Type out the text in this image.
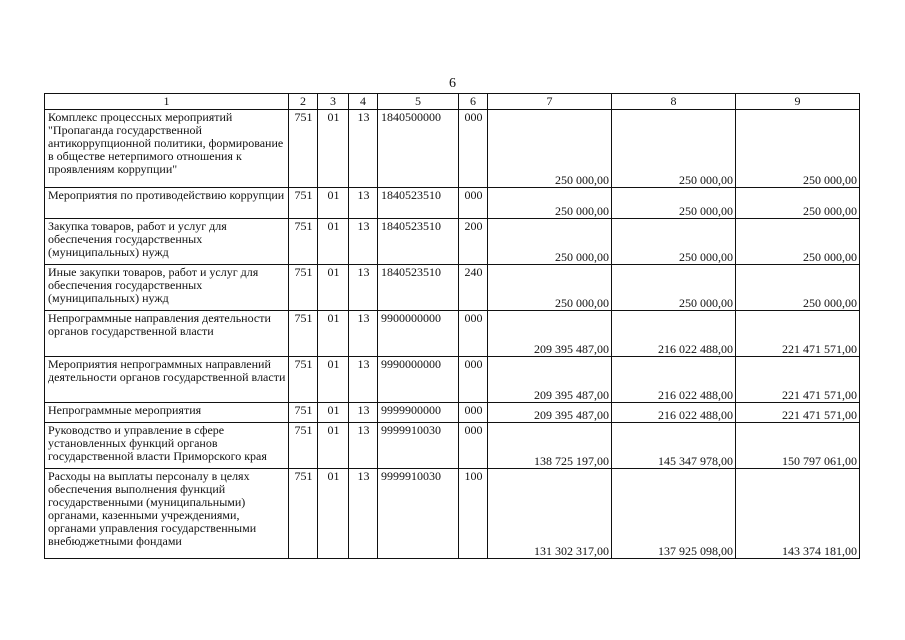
6
1	2	3	4	5	6	7	8	9
Комплекс процессных мероприятий "Пропаганда государственной антикоррупционной политики, формирование в обществе нетерпимого отношения к проявлениям коррупции"	751	01	13	1840500000	000	250 000,00	250 000,00	250 000,00
Мероприятия по противодействию коррупции	751	01	13	1840523510	000	250 000,00	250 000,00	250 000,00
Закупка товаров, работ и услуг для обеспечения государственных (муниципальных) нужд	751	01	13	1840523510	200	250 000,00	250 000,00	250 000,00
Иные закупки товаров, работ и услуг для обеспечения государственных (муниципальных) нужд	751	01	13	1840523510	240	250 000,00	250 000,00	250 000,00
Непрограммные направления деятельности органов государственной власти	751	01	13	9900000000	000	209 395 487,00	216 022 488,00	221 471 571,00
Мероприятия непрограммных направлений деятельности органов государственной власти	751	01	13	9990000000	000	209 395 487,00	216 022 488,00	221 471 571,00
Непрограммные мероприятия	751	01	13	9999900000	000	209 395 487,00	216 022 488,00	221 471 571,00
Руководство и управление в сфере установленных функций органов государственной власти Приморского края	751	01	13	9999910030	000	138 725 197,00	145 347 978,00	150 797 061,00
Расходы на выплаты персоналу в целях обеспечения выполнения функций государственными (муниципальными) органами, казенными учреждениями, органами управления государственными внебюджетными фондами	751	01	13	9999910030	100	131 302 317,00	137 925 098,00	143 374 181,00
